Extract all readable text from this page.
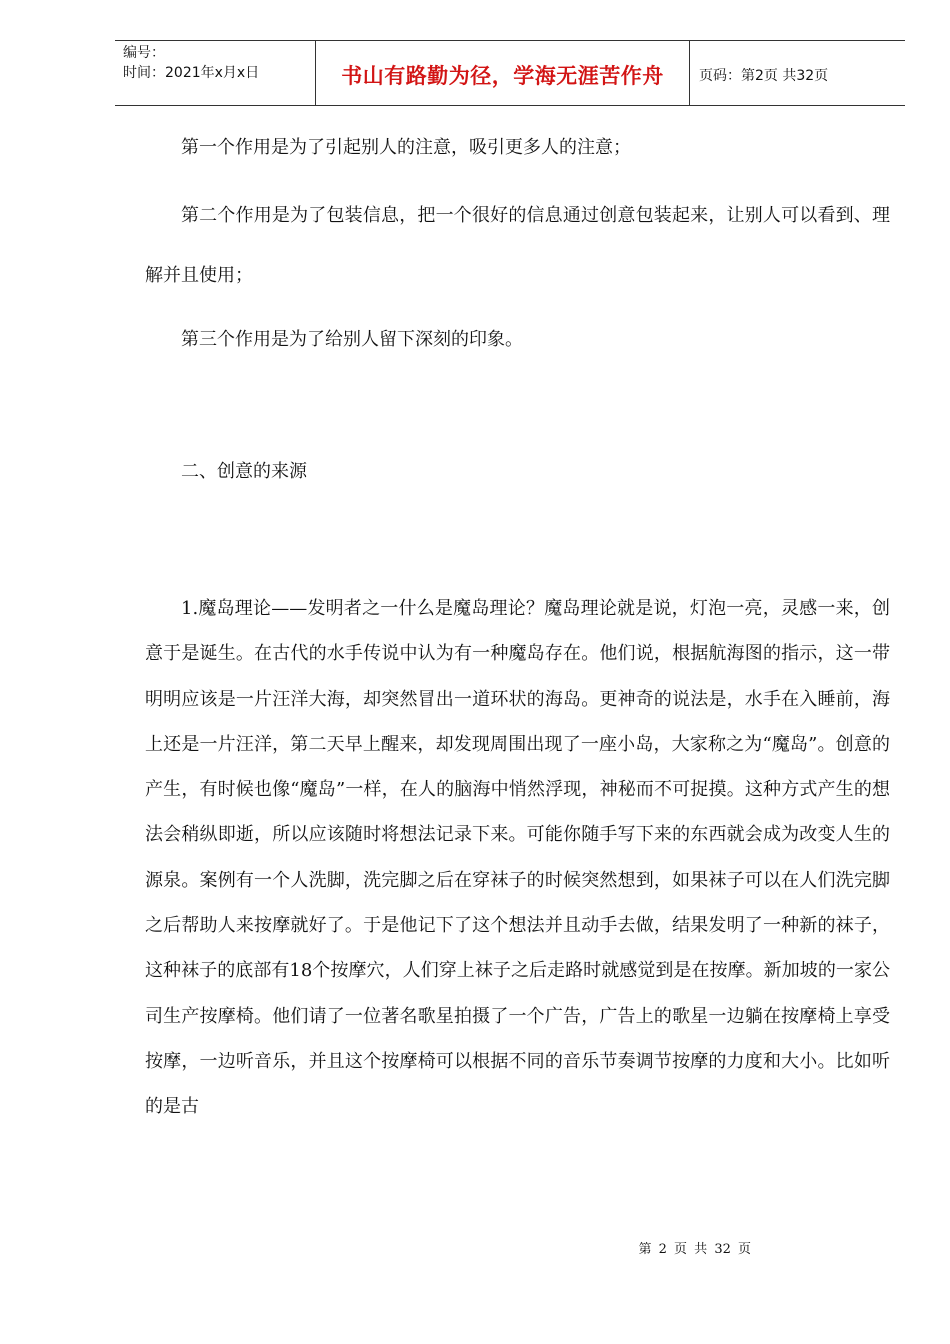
编号：
时间：2021年x月x日	书山有路勤为径，学海无涯苦作舟	页码：第2页 共32页

第一个作用是为了引起别人的注意，吸引更多人的注意；

第二个作用是为了包装信息，把一个很好的信息通过创意包装起来，让别人可以看到、理解并且使用；

第三个作用是为了给别人留下深刻的印象。

二、创意的来源

1.魔岛理论——发明者之一什么是魔岛理论？魔岛理论就是说，灯泡一亮，灵感一来，创意于是诞生。在古代的水手传说中认为有一种魔岛存在。他们说，根据航海图的指示，这一带明明应该是一片汪洋大海，却突然冒出一道环状的海岛。更神奇的说法是，水手在入睡前，海上还是一片汪洋，第二天早上醒来，却发现周围出现了一座小岛，大家称之为“魔岛”。创意的产生，有时候也像“魔岛”一样，在人的脑海中悄然浮现，神秘而不可捉摸。这种方式产生的想法会稍纵即逝，所以应该随时将想法记录下来。可能你随手写下来的东西就会成为改变人生的源泉。案例有一个人洗脚，洗完脚之后在穿袜子的时候突然想到，如果袜子可以在人们洗完脚之后帮助人来按摩就好了。于是他记下了这个想法并且动手去做，结果发明了一种新的袜子，这种袜子的底部有18个按摩穴，人们穿上袜子之后走路时就感觉到是在按摩。新加坡的一家公司生产按摩椅。他们请了一位著名歌星拍摄了一个广告，广告上的歌星一边躺在按摩椅上享受按摩，一边听音乐，并且这个按摩椅可以根据不同的音乐节奏调节按摩的力度和大小。比如听的是古

第 2 页 共 32 页
